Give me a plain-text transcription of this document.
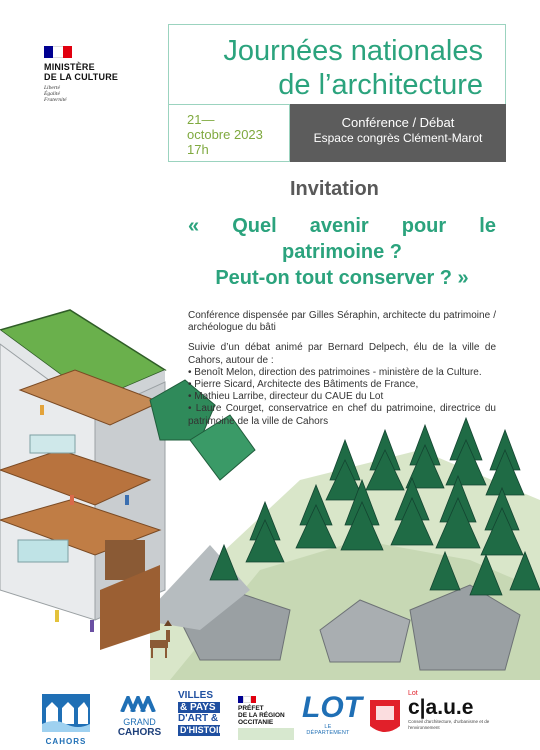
MINISTÈRE
DE LA CULTURE
Liberté
Égalité
Fraternité
Journées nationales
de l’architecture
21—
octobre 2023
17h
Conférence / Débat
Espace congrès Clément-Marot
Invitation
« Quel avenir pour le
patrimoine ?
Peut-on tout conserver ? »

Conférence dispensée par Gilles Séraphin, architecte du patrimoine / archéologue du bâti

Suivie d’un débat animé par Bernard Delpech, élu de la ville de Cahors, autour de :

• Benoît Melon, direction des patrimoines - ministère de la Culture.
• Pierre Sicard, Architecte des Bâtiments de France,
• Mathieu Larribe, directeur du CAUE du Lot
• Laure Courget, conservatrice en chef du patrimoine, directrice du patrimoine de la ville de Cahors
CAHORS
GRAND
CAHORS
VILLES
& PAYS
D'ART &
D'HISTOIRE
PRÉFET
DE LA RÉGION
OCCITANIE LOT
LE DÉPARTEMENT
Lot
c|a.u.e
Conseil d'architecture, d'urbanisme et de l'environnement
